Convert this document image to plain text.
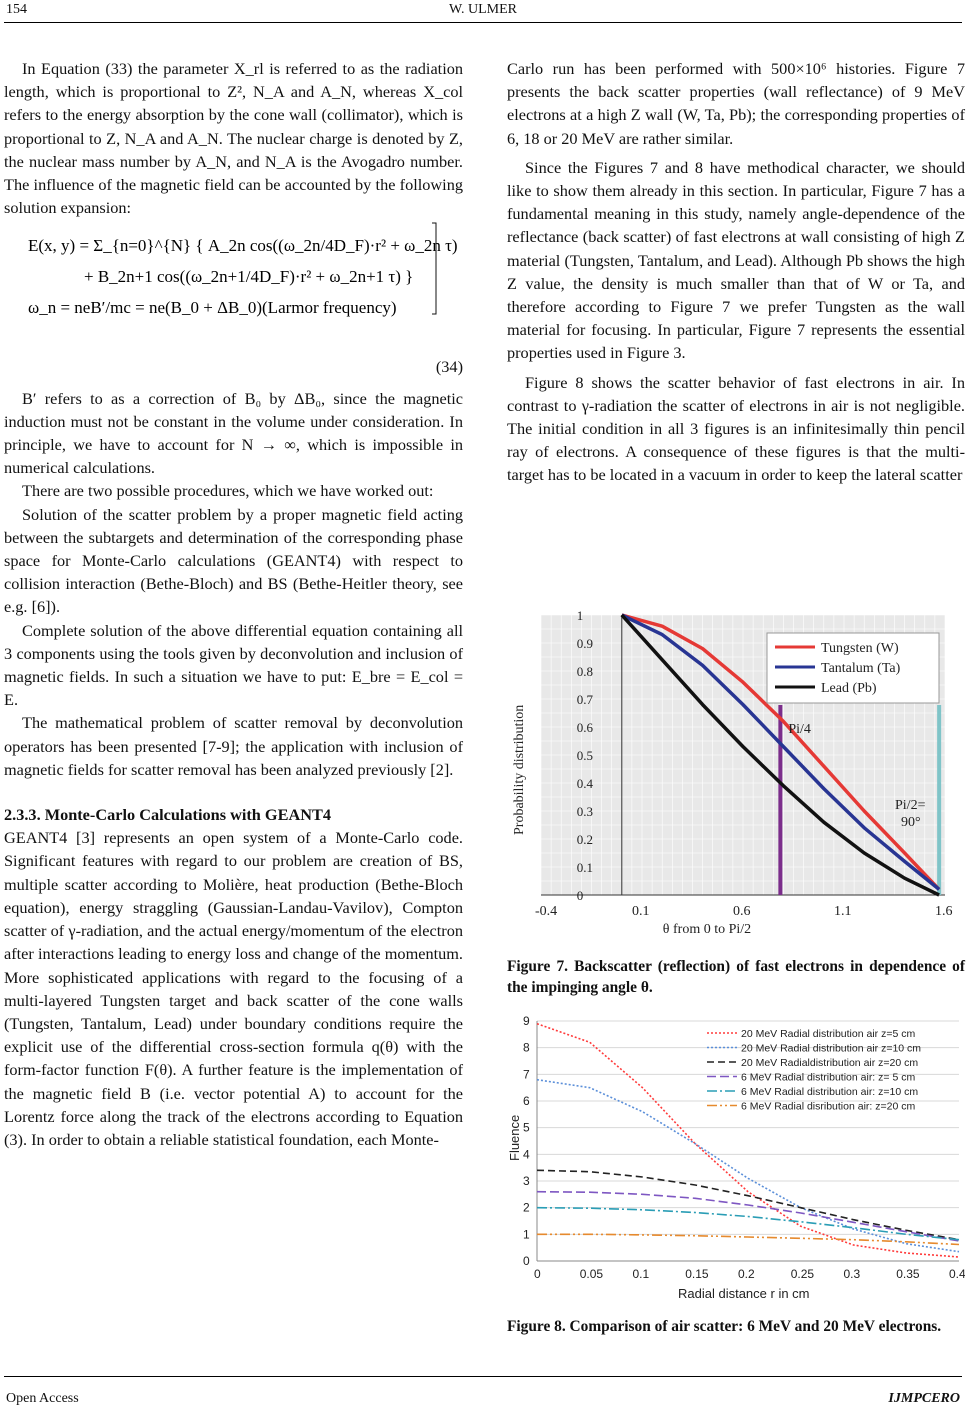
154	W. ULMER

In Equation (33) the parameter X_rl is referred to as the radiation length, which is proportional to Z², N_A and A_N, whereas X_col refers to the energy absorption by the cone wall (collimator), which is proportional to Z, N_A and A_N. The nuclear charge is denoted by Z, the nuclear mass number by A_N, and N_A is the Avogadro number. The influence of the magnetic field can be accounted by the following solution expansion:

E(x, y) = Σ_{n=0}^{N} { A_2n cos((ω_2n/4D_F)·r² + ω_2n τ)
+ B_2n+1 cos((ω_2n+1/4D_F)·r² + ω_2n+1 τ) }
ω_n = neB′/mc = ne(B_0 + ΔB_0)(Larmor frequency)
(34)

B′ refers to as a correction of B₀ by ΔB₀, since the magnetic induction must not be constant in the volume under consideration. In principle, we have to account for N → ∞, which is impossible in numerical calculations.

There are two possible procedures, which we have worked out:

Solution of the scatter problem by a proper magnetic field acting between the subtargets and determination of the corresponding phase space for Monte-Carlo calculations (GEANT4) with respect to collision interaction (Bethe-Bloch) and BS (Bethe-Heitler theory, see e.g. [6]).

Complete solution of the above differential equation containing all 3 components using the tools given by deconvolution and inclusion of magnetic fields. In such a situation we have to put: E_bre = E_col = E.

The mathematical problem of scatter removal by deconvolution operators has been presented [7-9]; the application with inclusion of magnetic fields for scatter removal has been analyzed previously [2].

2.3.3. Monte-Carlo Calculations with GEANT4

GEANT4 [3] represents an open system of a Monte-Carlo code. Significant features with regard to our problem are creation of BS, multiple scatter according to Molière, heat production (Bethe-Bloch equation), energy straggling (Gaussian-Landau-Vavilov), Compton scatter of γ-radiation, and the actual energy/momentum of the electron after interactions leading to energy loss and change of the momentum. More sophisticated applications with regard to the focusing of a multi-layered Tungsten target and back scatter of the cone walls (Tungsten, Tantalum, Lead) under boundary conditions require the explicit use of the differential cross-section formula q(θ) with the form-factor function F(θ). A further feature is the implementation of the magnetic field B (i.e. vector potential A) to account for the Lorentz force along the track of the electrons according to Equation (3). In order to obtain a reliable statistical foundation, each Monte-

Carlo run has been performed with 500×10⁶ histories. Figure 7 presents the back scatter properties (wall reflectance) of 9 MeV electrons at a high Z wall (W, Ta, Pb); the corresponding properties of 6, 18 or 20 MeV are rather similar.

Since the Figures 7 and 8 have methodical character, we should like to show them already in this section. In particular, Figure 7 has a fundamental meaning in this study, namely angle-dependence of the reflectance (back scatter) of fast electrons at wall consisting of high Z material (Tungsten, Tantalum, and Lead). Although Pb shows the high Z value, the density is much smaller than that of W or Ta, and therefore according to Figure 7 we prefer Tungsten as the wall material for focusing. In particular, Figure 7 represents the essential properties used in Figure 3.

Figure 8 shows the scatter behavior of fast electrons in air. In contrast to γ-radiation the scatter of electrons in air is not negligible. The initial condition in all 3 figures is an infinitesimally thin pencil ray of electrons. A consequence of these figures is that the multi-target has to be located in a vacuum in order to keep the lateral scatter

0
0.1
0.2
0.3
0.4
0.5
0.6
0.7
0.8
0.9
1
-0.4	0.1	0.6	1.1	1.6
θ from 0 to Pi/2
Probability distribution
Tungsten (W)
Tantalum (Ta)
Lead (Pb)
Pi/4
Pi/2=
90°
Figure 7. Backscatter (reflection) of fast electrons in dependence of the impinging angle θ.
0
1
2
3
4
5
6
7
8
9
0	0.05 0.1	0.15 0.2	0.25 0.3	0.35 0.4
Radial distance r in cm
Fluence
20 MeV Radial distribution air z=5 cm
20 MeV Radial distribution air z=10 cm
20 MeV Radialdistribution air z=20 cm
6 MeV Radial distribution air: z= 5 cm
6 MeV Radial distribution air: z=10 cm
6 MeV Radial disribution air: z=20 cm
Figure 8. Comparison of air scatter: 6 MeV and 20 MeV electrons.
Open Access	IJMPCERO
